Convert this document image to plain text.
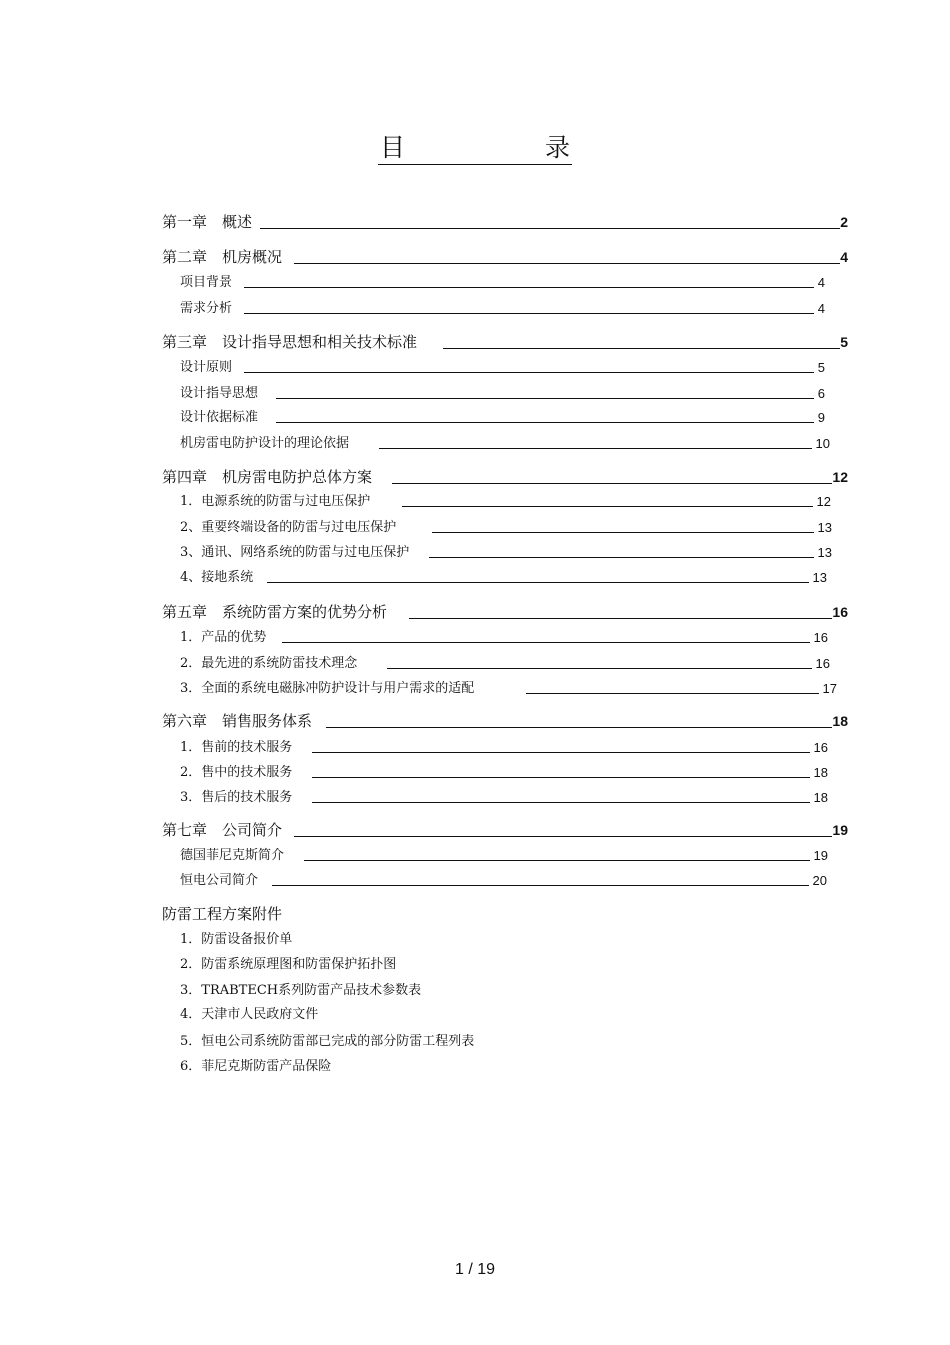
目录
第一章　概述	2
第二章　机房概况	4
项目背景	4
需求分析	4
第三章　设计指导思想和相关技术标准	5
设计原则	5
设计指导思想	6
设计依据标准	9
机房雷电防护设计的理论依据	10
第四章　机房雷电防护总体方案	12
1．电源系统的防雷与过电压保护	12
2、重要终端设备的防雷与过电压保护	13
3、通讯、网络系统的防雷与过电压保护	13
4、接地系统	13
第五章　系统防雷方案的优势分析	16
1．产品的优势	16
2．最先进的系统防雷技术理念	16
3．全面的系统电磁脉冲防护设计与用户需求的适配	17
第六章　销售服务体系	18
1．售前的技术服务	16
2．售中的技术服务	18
3．售后的技术服务	18
第七章　公司简介	19
德国菲尼克斯简介	19
恒电公司简介	20
防雷工程方案附件
1．防雷设备报价单
2．防雷系统原理图和防雷保护拓扑图
3．TRABTECH系列防雷产品技术参数表
4．天津市人民政府文件
5．恒电公司系统防雷部已完成的部分防雷工程列表
6．菲尼克斯防雷产品保险
1 / 19
